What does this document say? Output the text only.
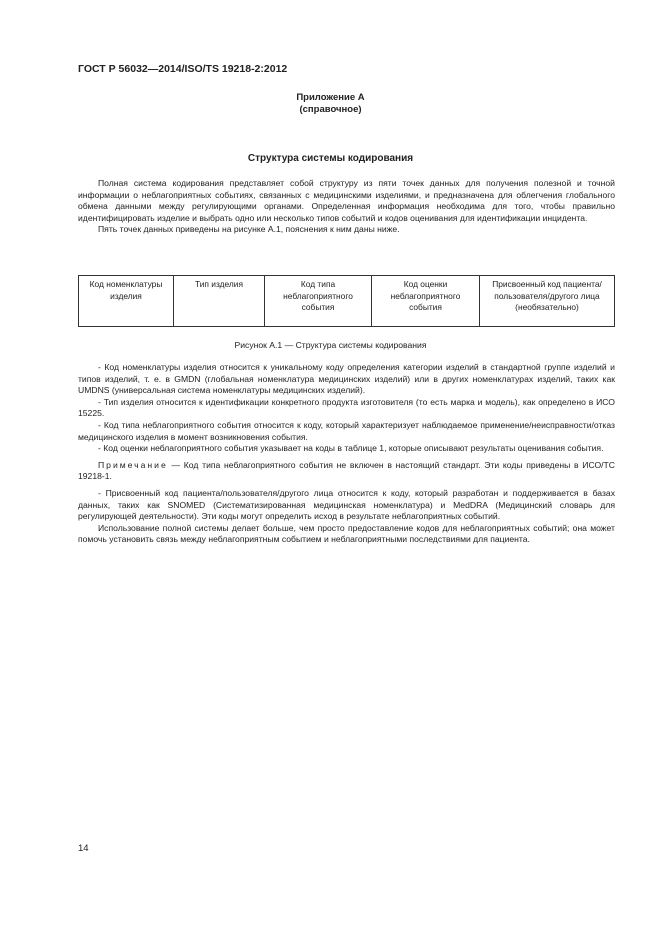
ГОСТ Р 56032—2014/ISO/TS 19218-2:2012
Приложение А
(справочное)
Структура системы кодирования

Полная система кодирования представляет собой структуру из пяти точек данных для получения полезной и точной информации о неблагоприятных событиях, связанных с медицинскими изделиями, и предназначена для облегчения глобального обмена данными между регулирующими органами. Определенная информация необходима для того, чтобы правильно идентифицировать изделие и выбрать одно или несколько типов событий и кодов оценивания для идентификации инцидента.

Пять точек данных приведены на рисунке А.1, пояснения к ним даны ниже.

Код номенклатуры изделия
Тип изделия	Код типа неблагоприятного события
Код оценки неблагоприятного события
Присвоенный код пациента/пользователя/другого лица (необязательно)
Рисунок А.1 — Структура системы кодирования

- Код номенклатуры изделия относится к уникальному коду определения категории изделий в стандартной группе изделий и типов изделий, т. е. в GMDN (глобальная номенклатура медицинских изделий) или в других номенклатурах изделий, таких как UMDNS (универсальная система номенклатуры медицинских изделий).

- Тип изделия относится к идентификации конкретного продукта изготовителя (то есть марка и модель), как определено в ИСО 15225.

- Код типа неблагоприятного события относится к коду, который характеризует наблюдаемое применение/неисправности/отказ медицинского изделия в момент возникновения события.

- Код оценки неблагоприятного события указывает на коды в таблице 1, которые описывают результаты оценивания события.

Примечание — Код типа неблагоприятного события не включен в настоящий стандарт. Эти коды приведены в ИСО/ТС 19218-1.

- Присвоенный код пациента/пользователя/другого лица относится к коду, который разработан и поддерживается в базах данных, таких как SNOMED (Систематизированная медицинская номенклатура) и MedDRA (Медицинский словарь для регулирующей деятельности). Эти коды могут определить исход в результате неблагоприятных событий.

Использование полной системы делает больше, чем просто предоставление кодов для неблагоприятных событий; она может помочь установить связь между неблагоприятным событием и неблагоприятными последствиями для пациента.

14
